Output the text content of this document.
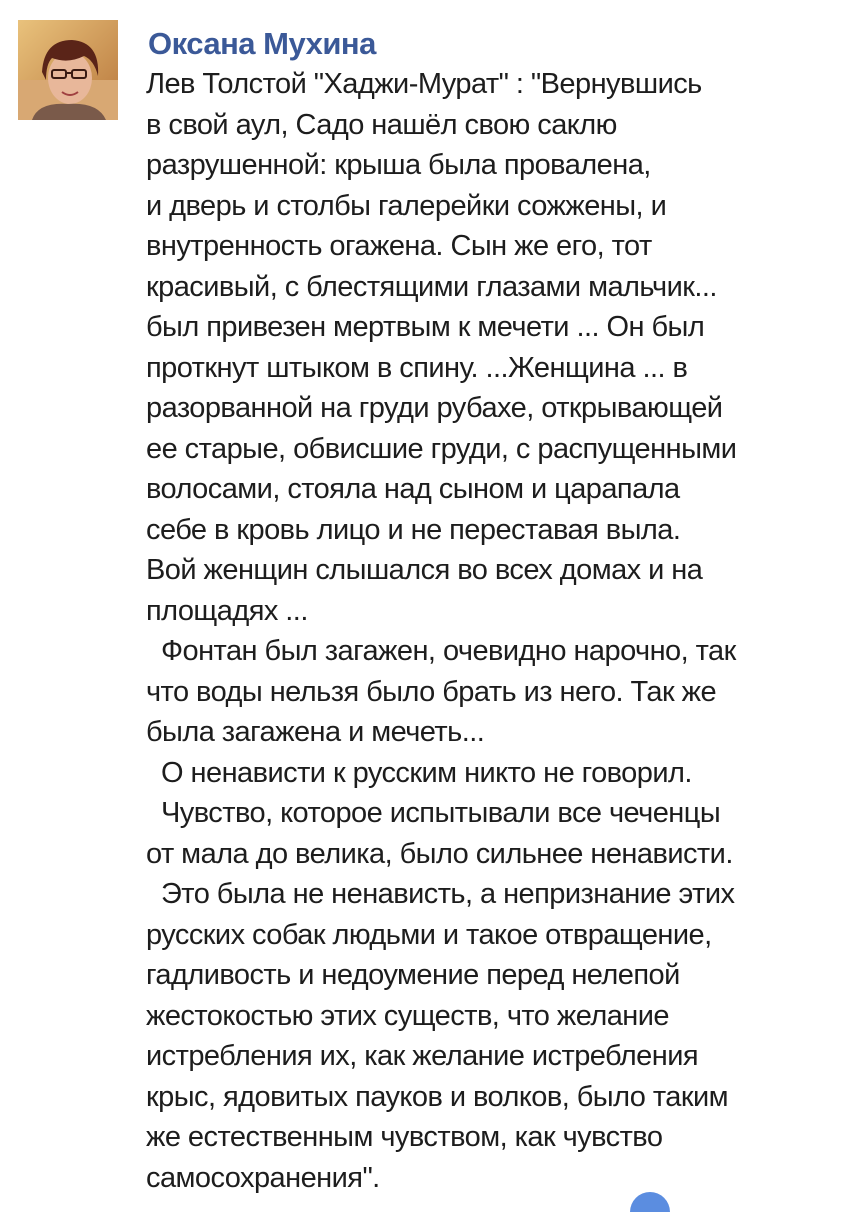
Оксана Мухина
Лев Толстой "Хаджи-Мурат" : "Вернувшись
в свой аул, Садо нашёл свою саклю
разрушенной: крыша была провалена,
и дверь и столбы галерейки сожжены, и
внутренность огажена. Сын же его, тот
красивый, с блестящими глазами мальчик...
был привезен мертвым к мечети ... Он был
проткнут штыком в спину. ...Женщина ... в
разорванной на груди рубахе, открывающей
ее старые, обвисшие груди, с распущенными
волосами, стояла над сыном и царапала
себе в кровь лицо и не переставая выла.
Вой женщин слышался во всех домах и на
площадях ...
Фонтан был загажен, очевидно нарочно, так
что воды нельзя было брать из него. Так же
была загажена и мечеть...
О ненависти к русским никто не говорил.
Чувство, которое испытывали все чеченцы
от мала до велика, было сильнее ненависти.
Это была не ненависть, а непризнание этих
русских собак людьми и такое отвращение,
гадливость и недоумение перед нелепой
жестокостью этих существ, что желание
истребления их, как желание истребления
крыс, ядовитых пауков и волков, было таким
же естественным чувством, как чувство
самосохранения".
